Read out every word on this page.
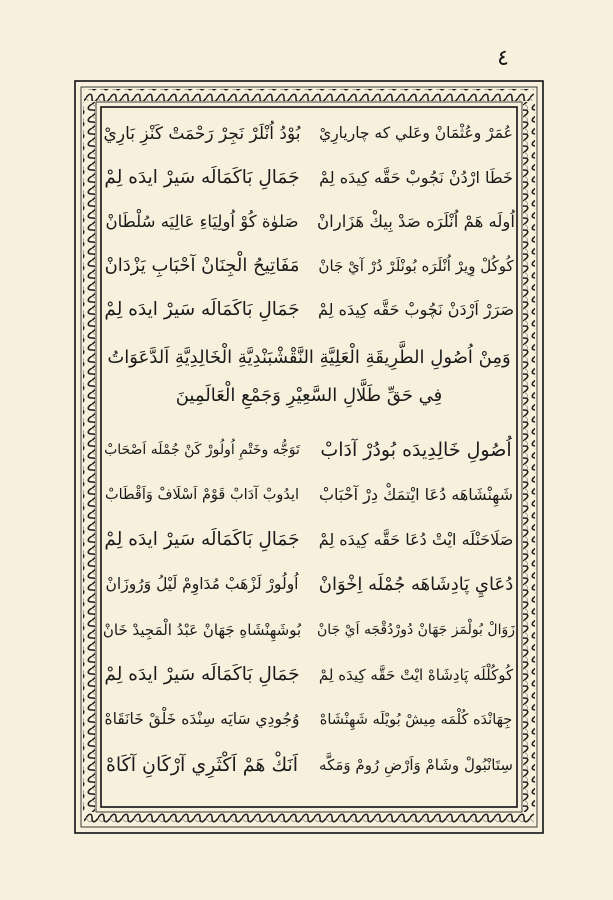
٤
عُمَرْ وعُثْمَانْ وعَلي كه چاريارِيْ
بُوْدُ اُنْلَرْ نَجِرْ رَحْمَتْ كَنْزِ بَارِيْ
خَطَا ارْدُنْ نَجُوبْ حَقَّه كِيدَه لِمْ
جَمَالِ بَاكَمَالَه سَيرْ ايدَه لِمْ
اُولَه هَمْ اُنْلَرَه صَدْ بِيكْ هَزَارانْ
صَلوٰة كُوْ اُولِيَاءِ عَالِيَه سُلْطَانْ
كُوكُلْ وِيرْ اُنْلَرَه بُونْلَرْ دُرْ آيْ جَانْ
مَفَاتِيحُ الْجِنَانْ آحْبَابِ يَزْدَانْ
صَرَرْ اَرْدَنْ نَچُوبْ حَقَّه كِيدَه لِمْ
جَمَالِ بَاكَمَالَه سَيرْ ايدَه لِمْ
وَمِنْ اُصُولِ الطَّرِيقَةِ الْعَلِيَّةِ النَّقْشْبَنْدِيَّةِ الْخَالِدِيَّةِ اَلدَّعَوَاتُ
فِي حَقِّ طَلَّالِ السَّعِيْرِ وَجَمْعِ الْعَالَمِينَ
اُصُولِ خَالِدِيدَه بُودُرْ آدَابْ
تَوَجُّه وخَتْمِ اُولُورْ كَنْ جُمْلَه اَصْحَابْ
شَهِنْشَاهَه دُعَا ايْتمَكْ دِرْ آحْبَابْ
ايدُوبْ آدَابْ قَوْمْ اَسْلَافْ وَاَقْطَابْ
صَلَاحَنْلَه ايْتْ دُعَا حَقَّه كِيدَه لِمْ
جَمَالِ بَاكَمَالَه سَيرْ ايدَه لِمْ
دُعَايِ پَادِشَاهَه جُمْلَه اِخْوَانْ
اُولُورْ لَزْهَبْ مُدَاوِمْ لَيْلُ وَرُوزَانْ
زَوَالْ بُولْمَز جَهَانْ دُورْدُقْجَه اَيْ جَانْ
بُوشَهِنْشَاهِ جَهَانْ عَبْدُ الْمَجِيدْ خَانْ
كُوكُلْلَه پَادِشَاهْ ايْتْ حَقَّه كِيدَه لِمْ
جَمَالِ بَاكَمَالَه سَيرْ ايدَه لِمْ
جِهَانْدَه كُلْمَه مِيشْ بُويْلَه شَهِنْشَاهْ
وُجُودِي سَايَه سِنْدَه خَلْقْ خَانَقَاهْ
سِتَانْبُولْ وشَامْ وَاَرْضِ رُومْ وَمَكَّه
اَنَكْ هَمْ اَكْثَرِي آرْكَانِ آكَاهْ
